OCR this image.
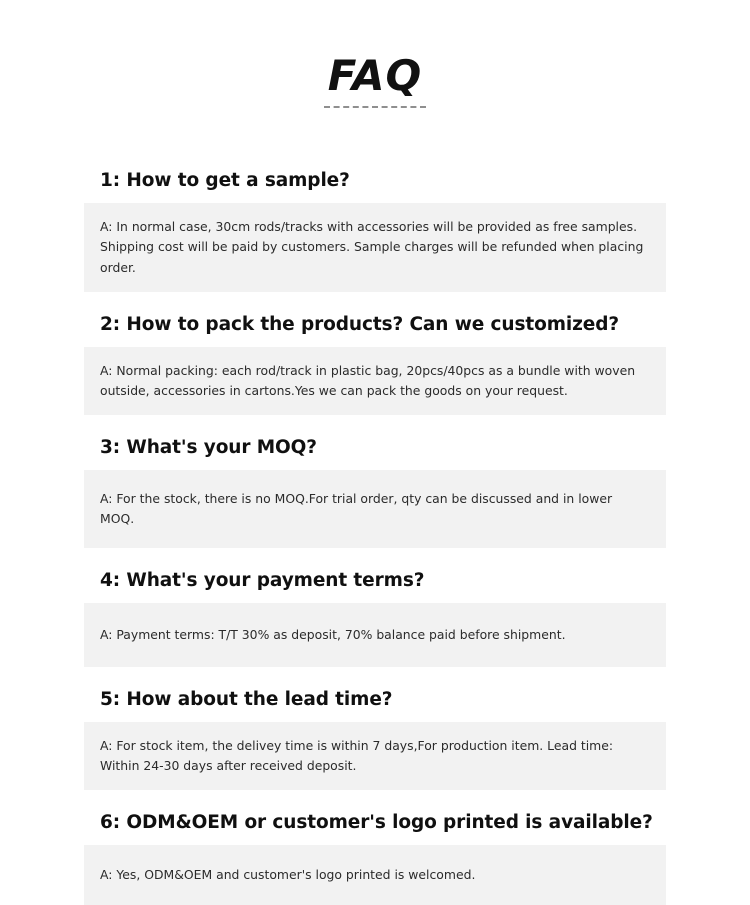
FAQ
1: How to get a sample?
A: In normal case, 30cm rods/tracks with accessories will be provided as free samples. Shipping cost will be paid by customers. Sample charges will be refunded when placing order.
2: How to pack the products? Can we customized?
A: Normal packing: each rod/track in plastic bag, 20pcs/40pcs as a bundle with woven outside, accessories in cartons.Yes we can pack the goods on your request.
3: What's your MOQ?
A: For the stock, there is no MOQ.For trial order, qty can be discussed and in lower MOQ.
4: What's your payment terms?
A: Payment terms: T/T 30% as deposit, 70% balance paid before shipment.
5: How about the lead time?
A: For stock item, the delivey time is within 7 days,For production item. Lead time: Within 24-30 days after received deposit.
6: ODM&OEM or customer's logo printed is available?
A: Yes, ODM&OEM and customer's logo printed is welcomed.
